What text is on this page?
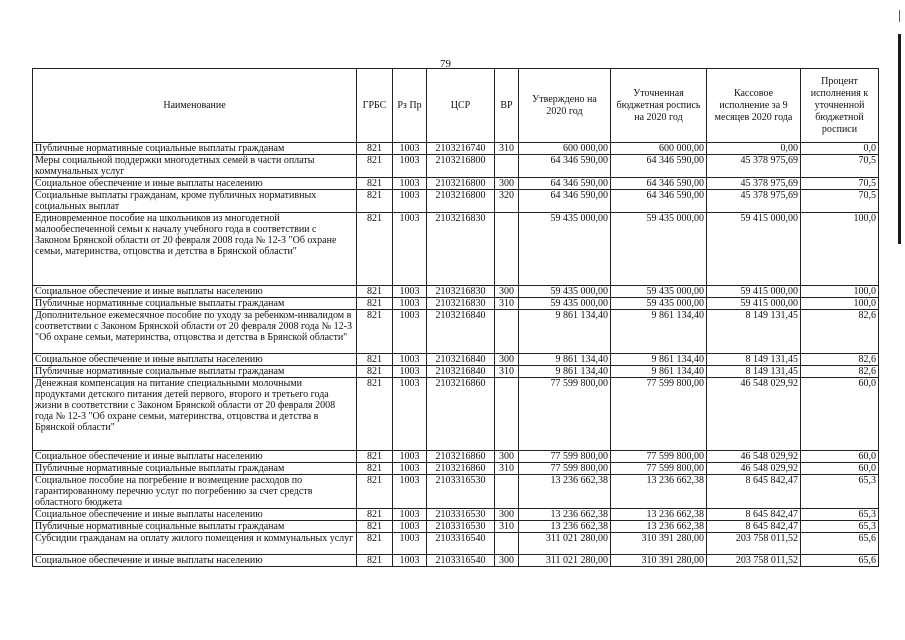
79
Наименование	ГРБС	Рз Пр	ЦСР	ВР	Утверждено на 2020 год	Уточненная бюджетная роспись на 2020 год	Кассовое исполнение за 9 месяцев 2020 года	Процент исполнения к уточненной бюджетной росписи
Публичные нормативные социальные выплаты гражданам	821	1003	2103216740	310	600 000,00	600 000,00	0,00	0,0
Меры социальной поддержки многодетных семей в части оплаты коммунальных услуг	821	1003	2103216800		64 346 590,00	64 346 590,00	45 378 975,69	70,5
Социальное обеспечение и иные выплаты населению	821	1003	2103216800	300	64 346 590,00	64 346 590,00	45 378 975,69	70,5
Социальные выплаты гражданам, кроме публичных нормативных социальных выплат	821	1003	2103216800	320	64 346 590,00	64 346 590,00	45 378 975,69	70,5
Единовременное пособие на школьников из многодетной малообеспеченной семьи к началу учебного года в соответствии с Законом Брянской области от 20 февраля 2008 года № 12-З "Об охране семьи, материнства, отцовства и детства в Брянской области"	821	1003	2103216830		59 435 000,00	59 435 000,00	59 415 000,00	100,0
Социальное обеспечение и иные выплаты населению	821	1003	2103216830	300	59 435 000,00	59 435 000,00	59 415 000,00	100,0
Публичные нормативные социальные выплаты гражданам	821	1003	2103216830	310	59 435 000,00	59 435 000,00	59 415 000,00	100,0
Дополнительное ежемесячное пособие по уходу за ребенком-инвалидом в соответствии с Законом Брянской области от 20 февраля 2008 года № 12-З "Об охране семьи, материнства, отцовства и детства в Брянской области"	821	1003	2103216840		9 861 134,40	9 861 134,40	8 149 131,45	82,6
Социальное обеспечение и иные выплаты населению	821	1003	2103216840	300	9 861 134,40	9 861 134,40	8 149 131,45	82,6
Публичные нормативные социальные выплаты гражданам	821	1003	2103216840	310	9 861 134,40	9 861 134,40	8 149 131,45	82,6
Денежная компенсация на питание специальными молочными продуктами детского питания детей первого, второго и третьего года жизни в соответствии с Законом Брянской области от 20 февраля 2008 года № 12-З "Об охране семьи, материнства, отцовства и детства в Брянской области"	821	1003	2103216860		77 599 800,00	77 599 800,00	46 548 029,92	60,0
Социальное обеспечение и иные выплаты населению	821	1003	2103216860	300	77 599 800,00	77 599 800,00	46 548 029,92	60,0
Публичные нормативные социальные выплаты гражданам	821	1003	2103216860	310	77 599 800,00	77 599 800,00	46 548 029,92	60,0
Социальное пособие на погребение и возмещение расходов по гарантированному перечню услуг по погребению за счет средств областного бюджета	821	1003	2103316530		13 236 662,38	13 236 662,38	8 645 842,47	65,3
Социальное обеспечение и иные выплаты населению	821	1003	2103316530	300	13 236 662,38	13 236 662,38	8 645 842,47	65,3
Публичные нормативные социальные выплаты гражданам	821	1003	2103316530	310	13 236 662,38	13 236 662,38	8 645 842,47	65,3
Субсидии гражданам на оплату жилого помещения и коммунальных услуг	821	1003	2103316540		311 021 280,00	310 391 280,00	203 758 011,52	65,6
Социальное обеспечение и иные выплаты населению	821	1003	2103316540	300	311 021 280,00	310 391 280,00	203 758 011,52	65,6
